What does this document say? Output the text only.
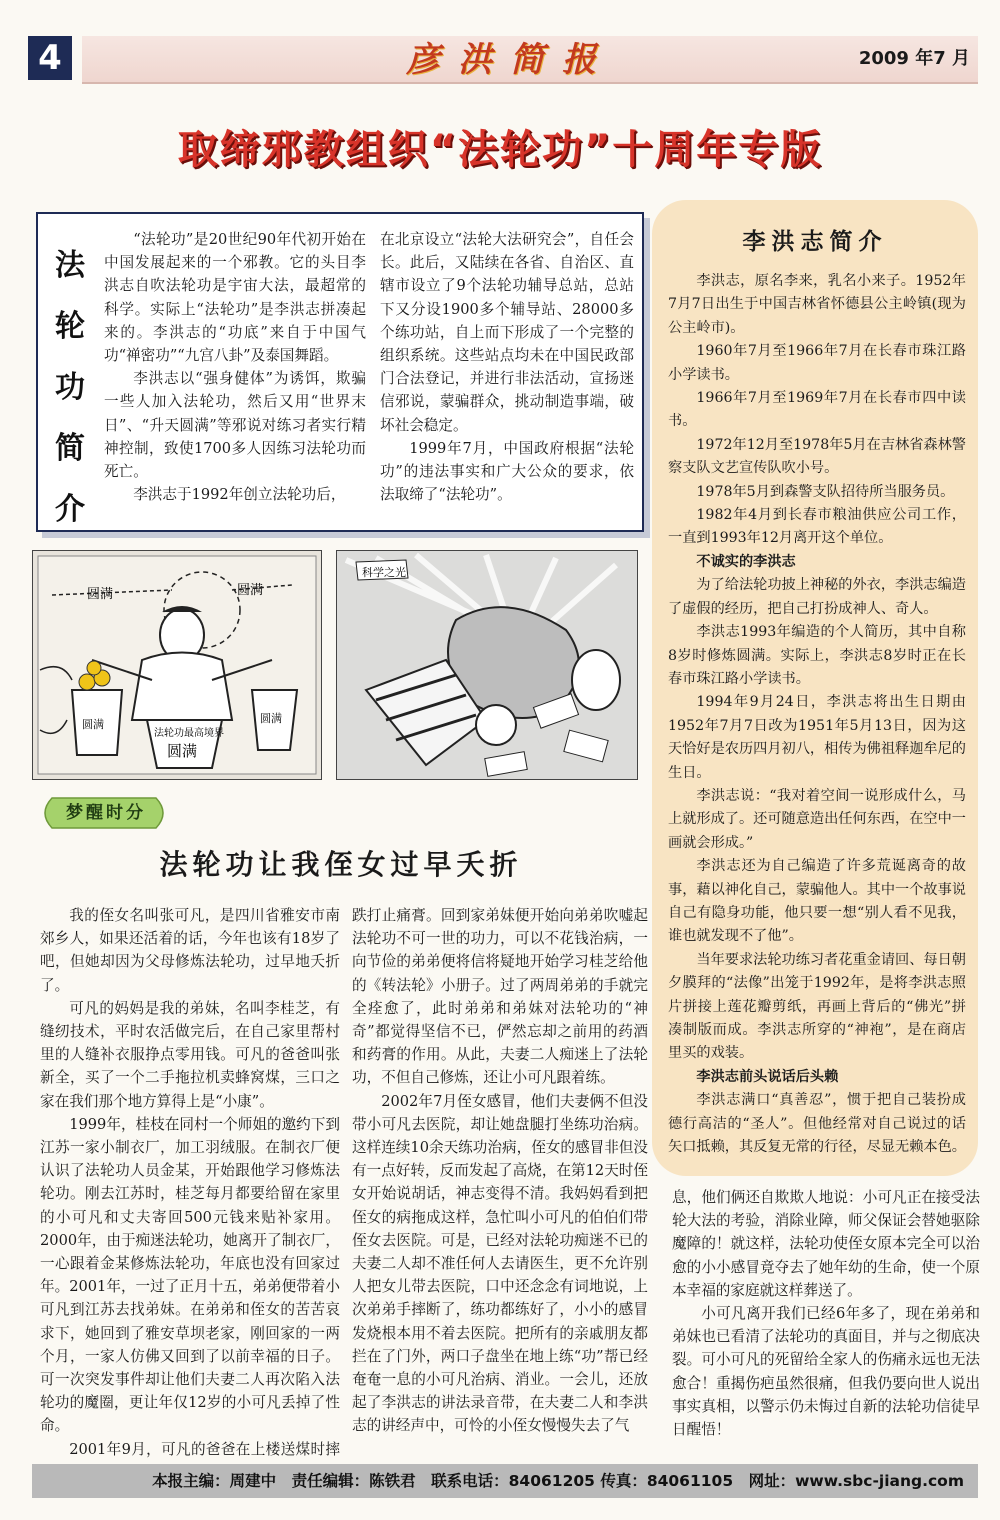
4	彦洪简报	2009 年7 月
取缔邪教组织“法轮功”十周年专版
法
轮
功
简
介

“法轮功”是20世纪90年代初开始在中国发展起来的一个邪教。它的头目李洪志自吹法轮功是宇宙大法，最超常的科学。实际上“法轮功”是李洪志拼凑起来的。李洪志的“功底”来自于中国气功“禅密功”“九宫八卦”及泰国舞蹈。

李洪志以“强身健体”为诱饵，欺骗一些人加入法轮功，然后又用“世界末日”、“升天圆满”等邪说对练习者实行精神控制，致使1700多人因练习法轮功而死亡。

李洪志于1992年创立法轮功后，

在北京设立“法轮大法研究会”，自任会长。此后，又陆续在各省、自治区、直辖市设立了9个法轮功辅导总站，总站下又分设1900多个辅导站、28000多个练功站，自上而下形成了一个完整的组织系统。这些站点均未在中国民政部门合法登记，并进行非法活动，宣扬迷信邪说，蒙骗群众，挑动制造事端，破坏社会稳定。

1999年7月，中国政府根据“法轮功”的违法事实和广大公众的要求，依法取缔了“法轮功”。

李洪志简介

李洪志，原名李来，乳名小来子。1952年7月7日出生于中国吉林省怀德县公主岭镇(现为公主岭市)。

1960年7月至1966年7月在长春市珠江路小学读书。

1966年7月至1969年7月在长春市四中读书。

1972年12月至1978年5月在吉林省森林警察支队文艺宣传队吹小号。

1978年5月到森警支队招待所当服务员。

1982年4月到长春市粮油供应公司工作，一直到1993年12月离开这个单位。

不诚实的李洪志

为了给法轮功披上神秘的外衣，李洪志编造了虚假的经历，把自己打扮成神人、奇人。

李洪志1993年编造的个人简历，其中自称8岁时修炼圆满。实际上，李洪志8岁时正在长春市珠江路小学读书。

1994年9月24日，李洪志将出生日期由1952年7月7日改为1951年5月13日，因为这天恰好是农历四月初八，相传为佛祖释迦牟尼的生日。

李洪志说：“我对着空间一说形成什么，马上就形成了。还可随意造出任何东西，在空中一画就会形成。”

李洪志还为自己编造了许多荒诞离奇的故事，藉以神化自己，蒙骗他人。其中一个故事说自己有隐身功能，他只要一想“别人看不见我，谁也就发现不了他”。

当年要求法轮功练习者花重金请回、每日朝夕膜拜的“法像”出笼于1992年，是将李洪志照片拼接上莲花瓣剪纸，再画上背后的“佛光”拼凑制版而成。李洪志所穿的“神袍”，是在商店里买的戏装。

李洪志前头说话后头赖

李洪志满口“真善忍”，惯于把自己装扮成德行高洁的“圣人”。但他经常对自己说过的话矢口抵赖，其反复无常的行径，尽显无赖本色。

圆满	圆满
圆满
法轮功最高境界
圆满
圆满
科学之光
梦醒时分
法轮功让我侄女过早夭折

我的侄女名叫张可凡，是四川省雅安市南郊乡人，如果还活着的话，今年也该有18岁了吧，但她却因为父母修炼法轮功，过早地夭折了。

可凡的妈妈是我的弟妹，名叫李桂芝，有缝纫技术，平时农活做完后，在自己家里帮村里的人缝补衣服挣点零用钱。可凡的爸爸叫张新全，买了一个二手拖拉机卖蜂窝煤，三口之家在我们那个地方算得上是“小康”。

1999年，桂枝在同村一个师姐的邀约下到江苏一家小制衣厂，加工羽绒服。在制衣厂便认识了法轮功人员金某，开始跟他学习修炼法轮功。刚去江苏时，桂芝每月都要给留在家里的小可凡和丈夫寄回500元钱来贴补家用。2000年，由于痴迷法轮功，她离开了制衣厂，一心跟着金某修炼法轮功，年底也没有回家过年。2001年，一过了正月十五，弟弟便带着小可凡到江苏去找弟妹。在弟弟和侄女的苦苦哀求下，她回到了雅安草坝老家，刚回家的一两个月，一家人仿佛又回到了以前幸福的日子。可一次突发事件却让他们夫妻二人再次陷入法轮功的魔圈，更让年仅12岁的小可凡丢掉了性命。

2001年9月，可凡的爸爸在上楼送煤时摔

跌打止痛膏。回到家弟妹便开始向弟弟吹嘘起法轮功不可一世的功力，可以不花钱治病，一向节俭的弟弟便将信将疑地开始学习桂芝给他的《转法轮》小册子。过了两周弟弟的手就完全痊愈了，此时弟弟和弟妹对法轮功的“神奇”都觉得坚信不已，俨然忘却之前用的药酒和药膏的作用。从此，夫妻二人痴迷上了法轮功，不但自己修炼，还让小可凡跟着练。

2002年7月侄女感冒，他们夫妻俩不但没带小可凡去医院，却让她盘腿打坐练功治病。这样连续10余天练功治病，侄女的感冒非但没有一点好转，反而发起了高烧，在第12天时侄女开始说胡话，神志变得不清。我妈妈看到把侄女的病拖成这样，急忙叫小可凡的伯伯们带侄女去医院。可是，已经对法轮功痴迷不已的夫妻二人却不准任何人去请医生，更不允许别人把女儿带去医院，口中还念念有词地说，上次弟弟手摔断了，练功都练好了，小小的感冒发烧根本用不着去医院。把所有的亲戚朋友都拦在了门外，两口子盘坐在地上练“功”帮已经奄奄一息的小可凡治病、消业。一会儿，还放起了李洪志的讲法录音带，在夫妻二人和李洪志的讲经声中，可怜的小侄女慢慢失去了气

息，他们俩还自欺欺人地说：小可凡正在接受法轮大法的考验，消除业障，师父保证会替她驱除魔障的！就这样，法轮功使侄女原本完全可以治愈的小小感冒竟夺去了她年幼的生命，使一个原本幸福的家庭就这样葬送了。

小可凡离开我们已经6年多了，现在弟弟和弟妹也已看清了法轮功的真面目，并与之彻底决裂。可小可凡的死留给全家人的伤痛永远也无法愈合！重揭伤疤虽然很痛，但我仍要向世人说出事实真相，以警示仍未悔过自新的法轮功信徒早日醒悟！

本报主编：周建中　责任编辑：陈铁君　联系电话：84061205 传真：84061105　网址：www.sbc-jiang.com
